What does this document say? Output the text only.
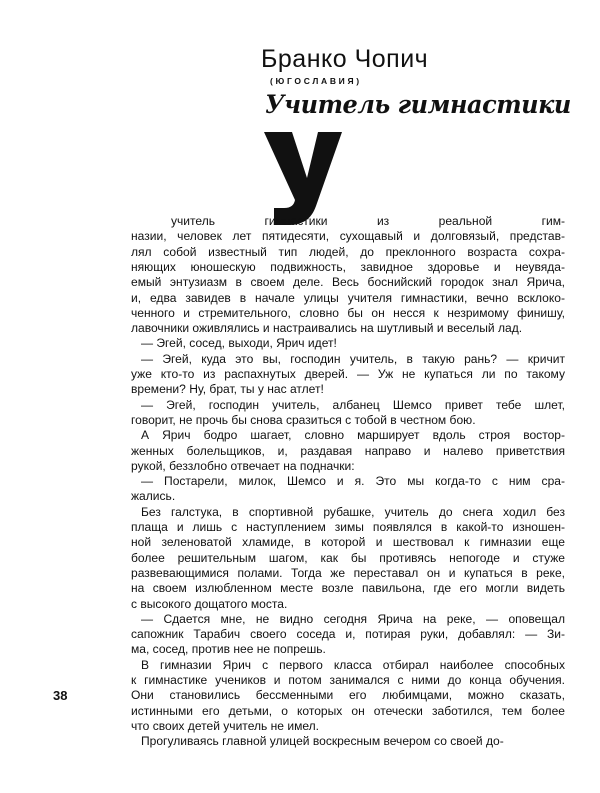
Бранко Чопич
(ЮГОСЛАВИЯ)
Учитель гимнастики
учитель гимнастики из реальной гим-
назии, человек лет пятидесяти, сухощавый и долговязый, представ-
лял собой известный тип людей, до преклонного возраста сохра-
няющих юношескую подвижность, завидное здоровье и неувяда-
емый энтузиазм в своем деле. Весь боснийский городок знал Ярича,
и, едва завидев в начале улицы учителя гимнастики, вечно всклоко-
ченного и стремительного, словно бы он несся к незримому финишу,
лавочники оживлялись и настраивались на шутливый и веселый лад.
— Эгей, сосед, выходи, Ярич идет!
— Эгей, куда это вы, господин учитель, в такую рань? — кричит
уже кто-то из распахнутых дверей. — Уж не купаться ли по такому
времени? Ну, брат, ты у нас атлет!
— Эгей, господин учитель, албанец Шемсо привет тебе шлет,
говорит, не прочь бы снова сразиться с тобой в честном бою.
А Ярич бодро шагает, словно марширует вдоль строя востор-
женных болельщиков, и, раздавая направо и налево приветствия
рукой, беззлобно отвечает на подначки:
— Постарели, милок, Шемсо и я. Это мы когда-то с ним сра-
жались.
Без галстука, в спортивной рубашке, учитель до снега ходил без
плаща и лишь с наступлением зимы появлялся в какой-то изношен-
ной зеленоватой хламиде, в которой и шествовал к гимназии еще
более решительным шагом, как бы противясь непогоде и стуже
развевающимися полами. Тогда же переставал он и купаться в реке,
на своем излюбленном месте возле павильона, где его могли видеть
с высокого дощатого моста.
— Сдается мне, не видно сегодня Ярича на реке, — оповещал
сапожник Тарабич своего соседа и, потирая руки, добавлял: — Зи-
ма, сосед, против нее не попрешь.
В гимназии Ярич с первого класса отбирал наиболее способных
к гимнастике учеников и потом занимался с ними до конца обучения.
Они становились бессменными его любимцами, можно сказать,
истинными его детьми, о которых он отечески заботился, тем более
что своих детей учитель не имел.
Прогуливаясь главной улицей воскресным вечером со своей до-
38
